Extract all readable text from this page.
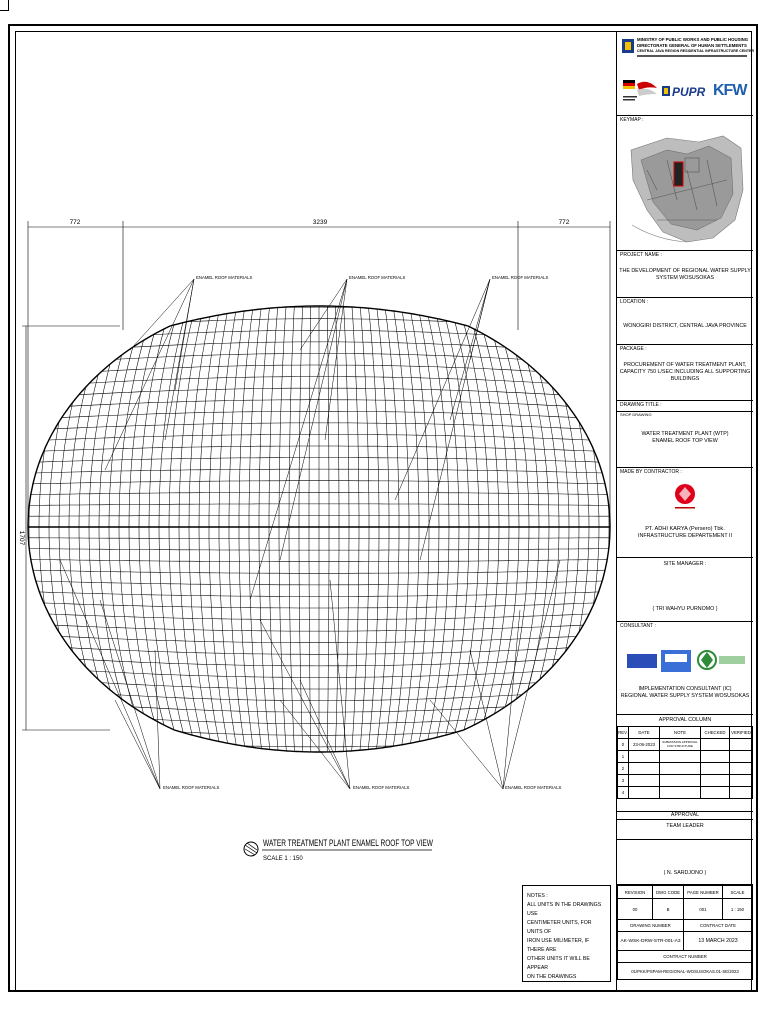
772	3239	772
1707
ENAMEL ROOF MATERIALS	ENAMEL ROOF MATERIALS	ENAMEL ROOF MATERIALS
ENAMEL ROOF MATERIALS	ENAMEL ROOF MATERIALS	ENAMEL ROOF MATERIALS
WATER TREATMENT PLANT ENAMEL ROOF TOP VIEW
SCALE 1 : 150
NOTES :
ALL UNITS IN THE DRAWINGS USE
CENTIMETER UNITS, FOR UNITS OF
IRON USE MILIMETER, IF THERE ARE
OTHER UNITS IT WILL BE APPEAR
ON THE DRAWINGS
MINISTRY OF PUBLIC WORKS AND PUBLIC HOUSING
DIRECTORATE GENERAL OF HUMAN SETTLEMENTS
CENTRAL JAVA REGION RESIDENTIAL INFRASTRUCTURE CENTER
PUPR KFW
KEYMAP :
PROJECT NAME :
THE DEVELOPMENT OF REGIONAL WATER SUPPLY
SYSTEM WOSUSOKAS
LOCATION :
WONOGIRI DISTRICT, CENTRAL JAVA PROVINCE
PACKAGE :
PROCUREMENT OF WATER TREATMENT PLANT,
CAPACITY 750 L/SEC INCLUDING ALL SUPPORTING
BUILDINGS
DRAWING TITLE :
SHOP DRAWING
WATER TREATMENT PLANT (WTP)
ENAMEL ROOF TOP VIEW
MADE BY CONTRACTOR :
PT. ADHI KARYA (Persero) Tbk.
INFRASTRUCTURE DEPARTEMENT II
SITE MANAGER :
( TRI WAHYU PURNOMO )
CONSULTANT :
IMPLEMENTATION CONSULTANT (IC)
REGIONAL WATER SUPPLY SYSTEM WOSUSOKAS
APPROVAL COLUMN
REV.	DATE	NOTE	CHECKED	VERIFIED
0	23-06-2023	SUBMISSION APPROVAL FOR STRUCTURE		
1				
2				
3				
4				
APPROVAL
TEAM LEADER
( N. SARDJONO )
REVISION	DWG CODE	PAGE NUMBER	SCALE
00	B	001	1 : 150
DRAWING NUMBER		CONTRACT DATE	
AK-WSK-DRW-STR-001-A3		13 MARCH 2023	
CONTRACT NUMBER			
01/PKK/PSPAM-REGIONAL-WOSUSOKAS.01-SE/2023			
